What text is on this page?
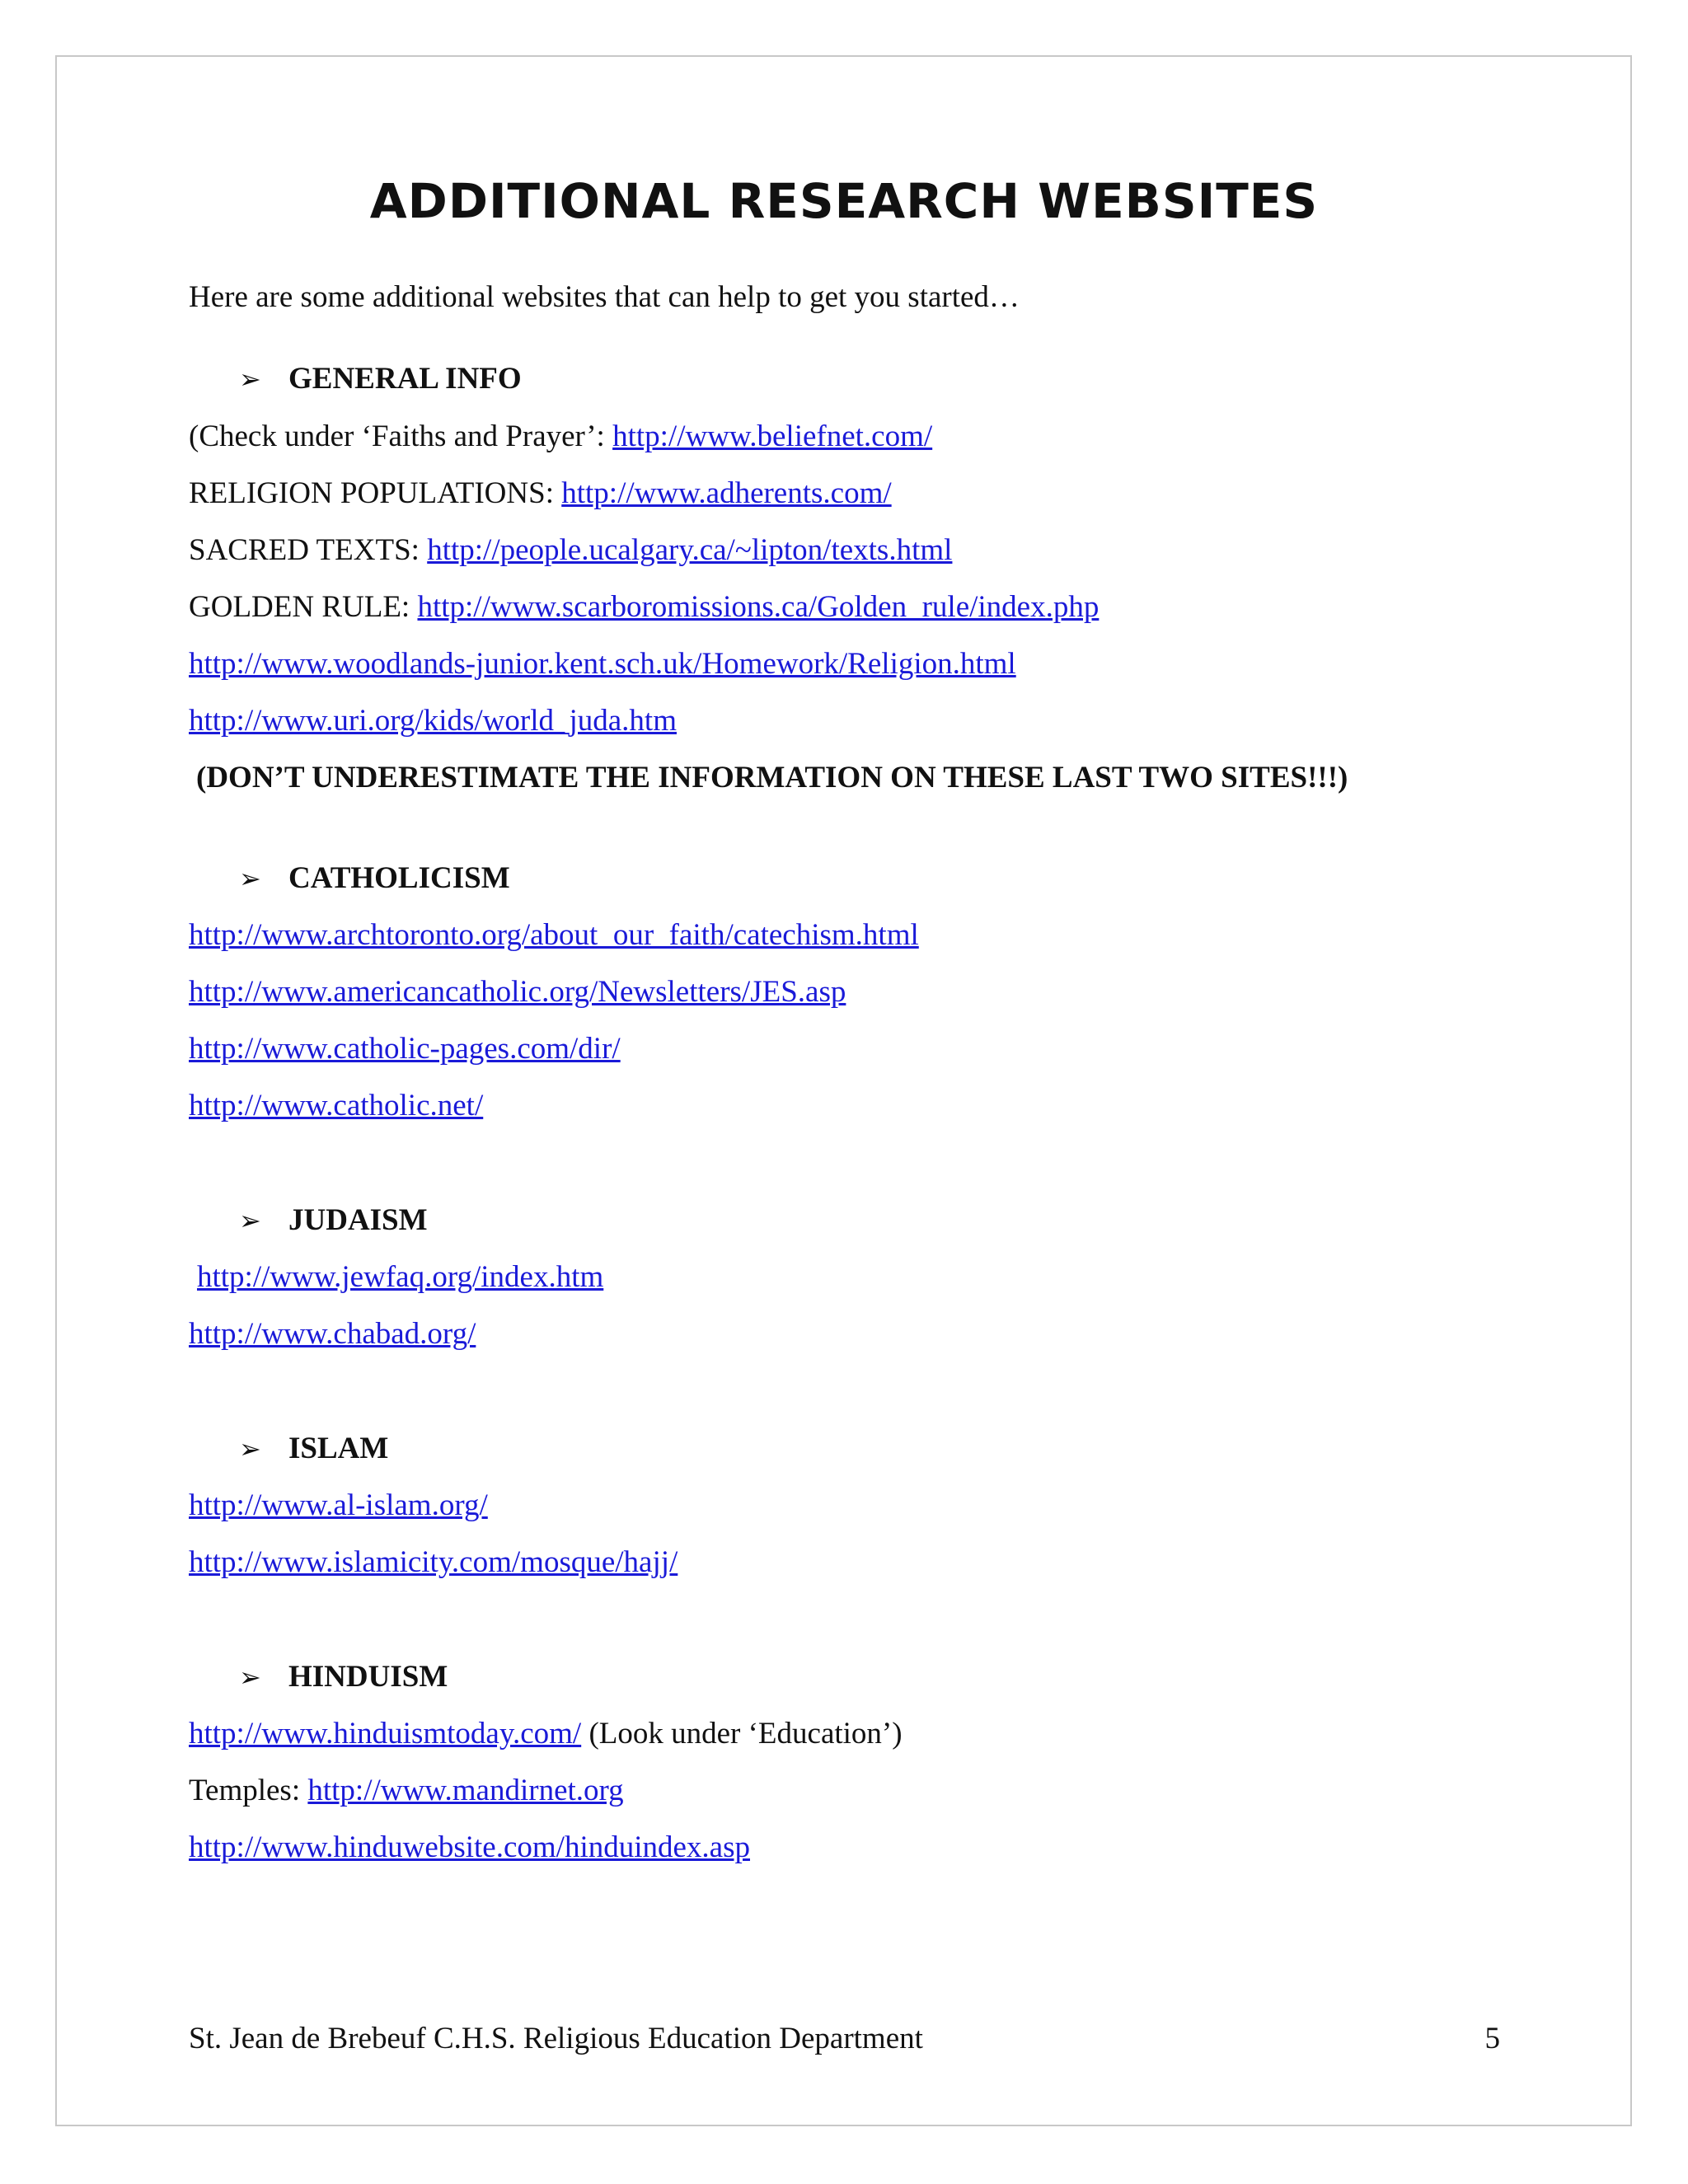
ADDITIONAL RESEARCH WEBSITES
Here are some additional websites that can help to get you started…
➢ GENERAL INFO
(Check under ‘Faiths and Prayer’: http://www.beliefnet.com/
RELIGION POPULATIONS: http://www.adherents.com/
SACRED TEXTS: http://people.ucalgary.ca/~lipton/texts.html
GOLDEN RULE: http://www.scarboromissions.ca/Golden_rule/index.php
http://www.woodlands-junior.kent.sch.uk/Homework/Religion.html
http://www.uri.org/kids/world_juda.htm
(DON’T UNDERESTIMATE THE INFORMATION ON THESE LAST TWO SITES!!!)
➢ CATHOLICISM
http://www.archtoronto.org/about_our_faith/catechism.html
http://www.americancatholic.org/Newsletters/JES.asp
http://www.catholic-pages.com/dir/
http://www.catholic.net/
➢ JUDAISM
http://www.jewfaq.org/index.htm
http://www.chabad.org/
➢ ISLAM
http://www.al-islam.org/
http://www.islamicity.com/mosque/hajj/
➢ HINDUISM
http://www.hinduismtoday.com/ (Look under ‘Education’)
Temples: http://www.mandirnet.org
http://www.hinduwebsite.com/hinduindex.asp
St. Jean de Brebeuf C.H.S. Religious Education Department	5
